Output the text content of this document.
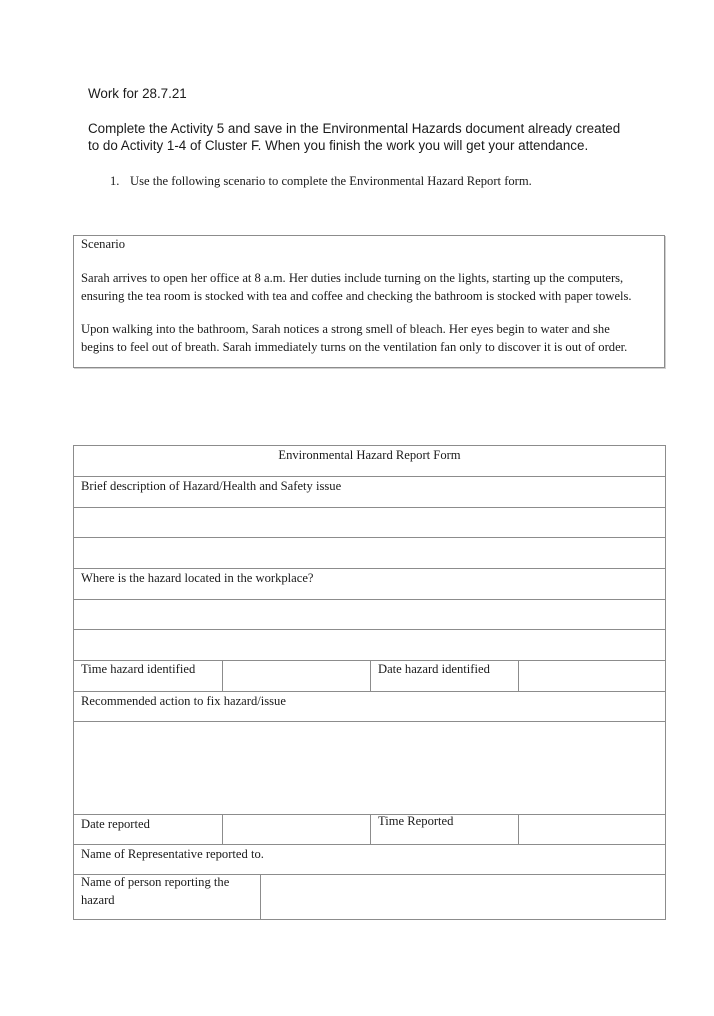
Work for 28.7.21

Complete the Activity 5 and save in the Environmental Hazards document already created

to do Activity 1-4 of Cluster F. When you finish the work you will get your attendance.

1. Use the following scenario to complete the Environmental Hazard Report form.

Scenario
Sarah arrives to open her office at 8 a.m. Her duties include turning on the lights, starting up the computers,
ensuring the tea room is stocked with tea and coffee and checking the bathroom is stocked with paper towels.
Upon walking into the bathroom, Sarah notices a strong smell of bleach. Her eyes begin to water and she
begins to feel out of breath. Sarah immediately turns on the ventilation fan only to discover it is out of order.
Environmental Hazard Report Form
Brief description of Hazard/Health and Safety issue
Where is the hazard located in the workplace?
Time hazard identified	Date hazard identified
Recommended action to fix hazard/issue
Date reported	Time Reported
Name of Representative reported to.
Name of person reporting the
hazard
